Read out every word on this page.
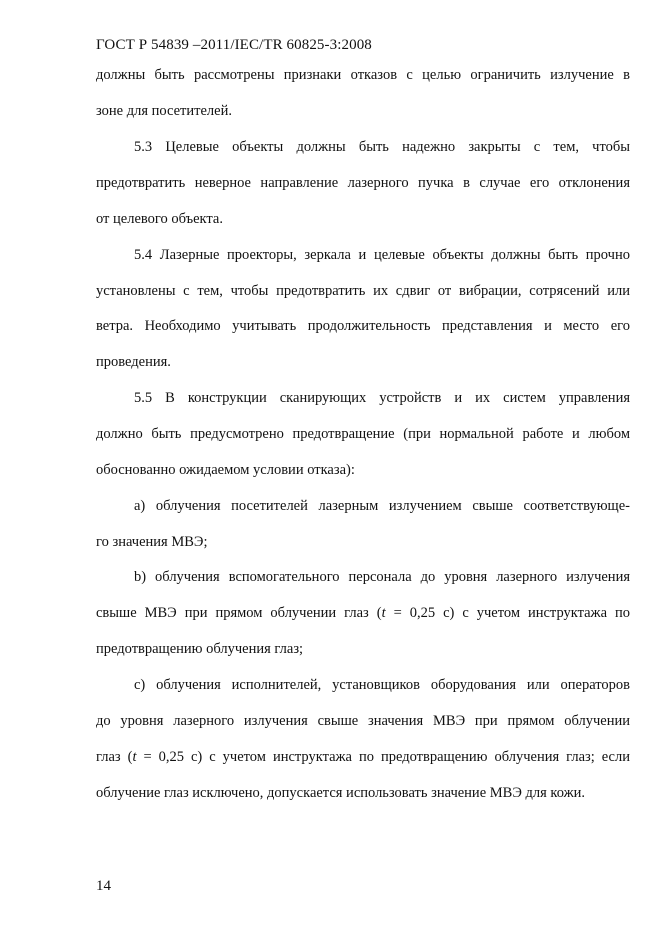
ГОСТ Р 54839 –2011/IEC/TR 60825-3:2008
должны быть рассмотрены признаки отказов с целью ограничить излучение в
зоне для посетителей.
5.3 Целевые объекты должны быть надежно закрыты с тем, чтобы
предотвратить неверное направление лазерного пучка в случае его отклонения
от целевого объекта.
5.4 Лазерные проекторы, зеркала и целевые объекты должны быть прочно
установлены с тем, чтобы предотвратить их сдвиг от вибрации, сотрясений или
ветра. Необходимо учитывать продолжительность представления и место его
проведения.
5.5 В конструкции сканирующих устройств и их систем управления
должно быть предусмотрено предотвращение (при нормальной работе и любом
обоснованно ожидаемом условии отказа):
а) облучения посетителей лазерным излучением свыше соответствующе-
го значения МВЭ;
b) облучения вспомогательного персонала до уровня лазерного излучения
свыше МВЭ при прямом облучении глаз (t = 0,25 с) с учетом инструктажа по
предотвращению облучения глаз;
с) облучения исполнителей, установщиков оборудования или операторов
до уровня лазерного излучения свыше значения МВЭ при прямом облучении
глаз (t = 0,25 с) с учетом инструктажа по предотвращению облучения глаз; если
облучение глаз исключено, допускается использовать значение МВЭ для кожи.
14
